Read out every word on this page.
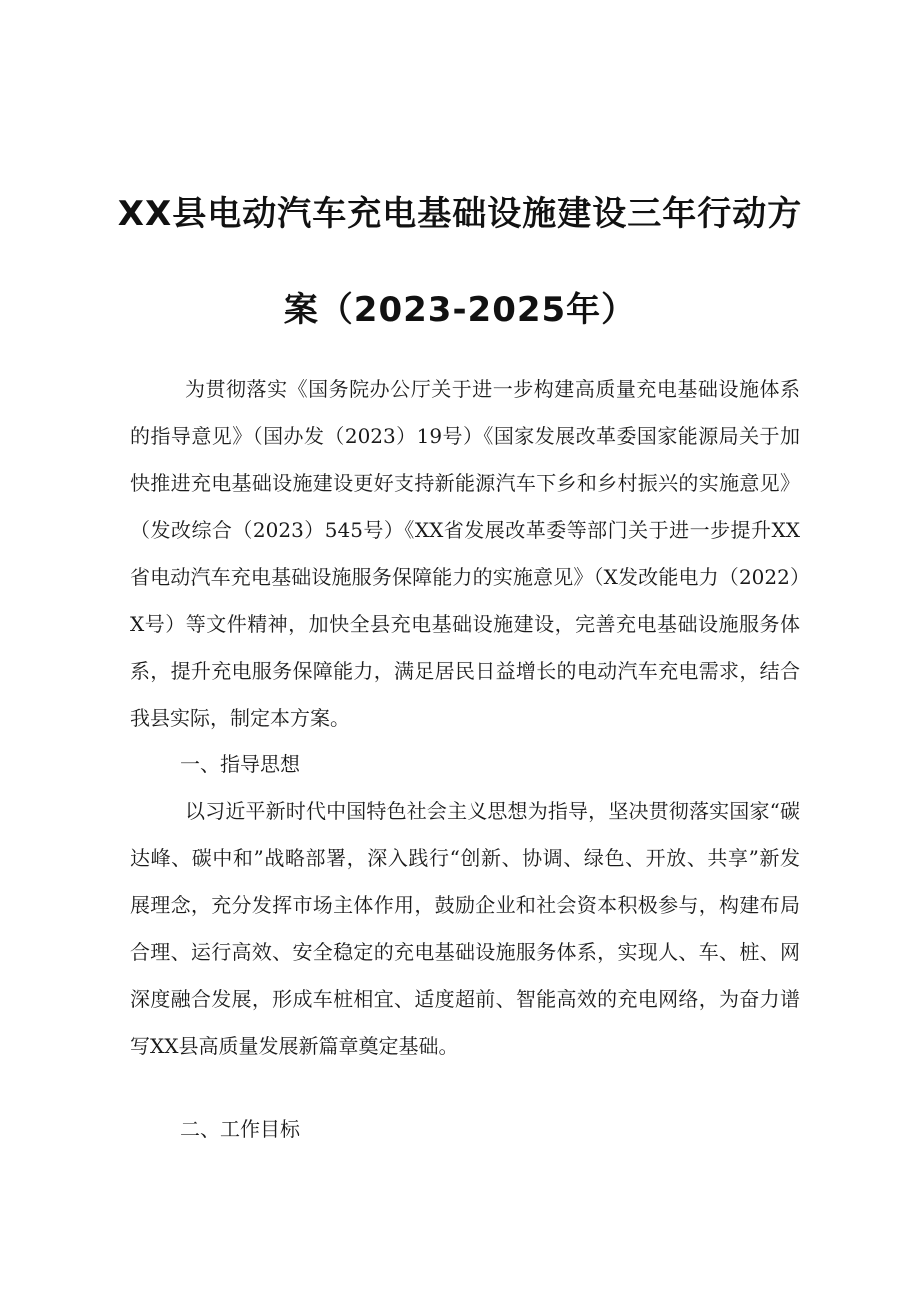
XX县电动汽车充电基础设施建设三年行动方
案（2023-2025年）
为贯彻落实《国务院办公厅关于进一步构建高质量充电基础设施体系的指导意见》（国办发（2023）19号）《国家发展改革委国家能源局关于加快推进充电基础设施建设更好支持新能源汽车下乡和乡村振兴的实施意见》（发改综合（2023）545号）《XX省发展改革委等部门关于进一步提升XX省电动汽车充电基础设施服务保障能力的实施意见》（X发改能电力（2022）X号）等文件精神，加快全县充电基础设施建设，完善充电基础设施服务体系，提升充电服务保障能力，满足居民日益增长的电动汽车充电需求，结合我县实际，制定本方案。
一、指导思想
以习近平新时代中国特色社会主义思想为指导，坚决贯彻落实国家“碳达峰、碳中和”战略部署，深入践行“创新、协调、绿色、开放、共享”新发展理念，充分发挥市场主体作用，鼓励企业和社会资本积极参与，构建布局合理、运行高效、安全稳定的充电基础设施服务体系，实现人、车、桩、网深度融合发展，形成车桩相宜、适度超前、智能高效的充电网络，为奋力谱写XX县高质量发展新篇章奠定基础。
二、工作目标
